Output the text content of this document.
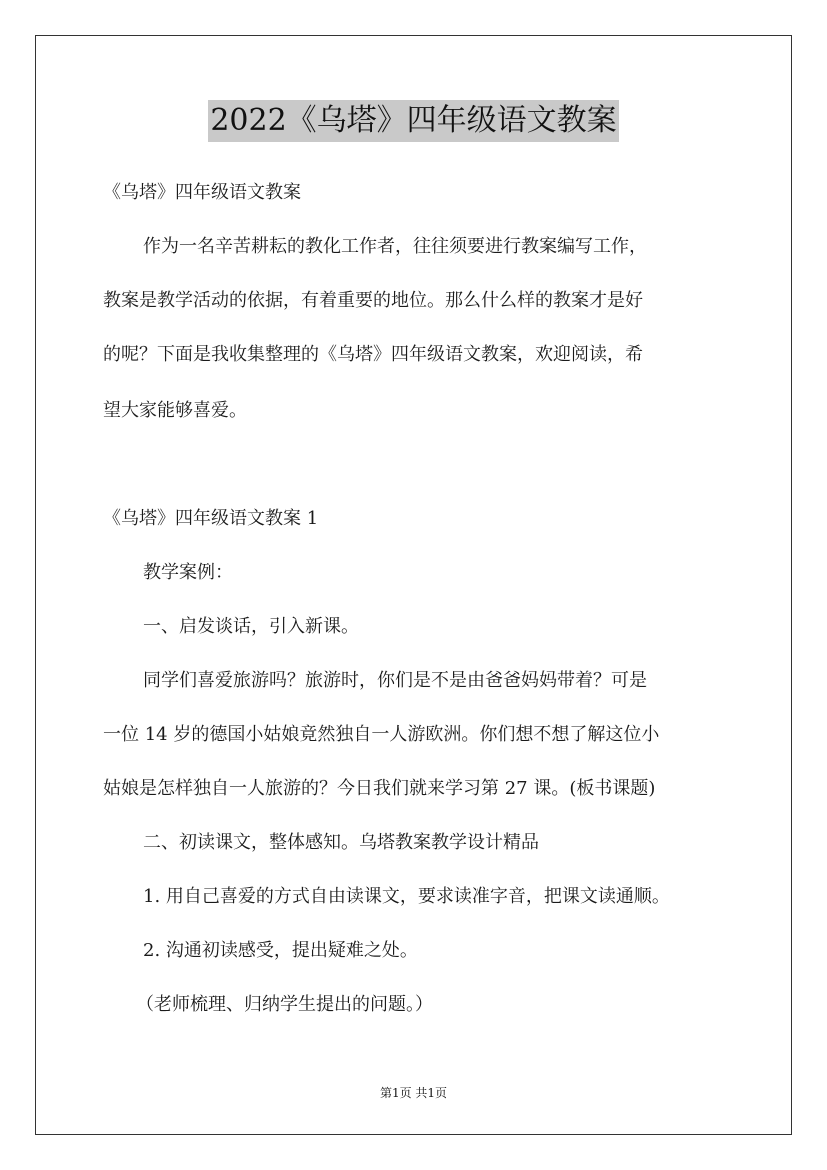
2022《乌塔》四年级语文教案
《乌塔》四年级语文教案
作为一名辛苦耕耘的教化工作者，往往须要进行教案编写工作，
教案是教学活动的依据，有着重要的地位。那么什么样的教案才是好
的呢？下面是我收集整理的《乌塔》四年级语文教案，欢迎阅读，希
望大家能够喜爱。
《乌塔》四年级语文教案 1
教学案例：
一、启发谈话，引入新课。
同学们喜爱旅游吗？旅游时，你们是不是由爸爸妈妈带着？可是
一位 14 岁的德国小姑娘竟然独自一人游欧洲。你们想不想了解这位小
姑娘是怎样独自一人旅游的？今日我们就来学习第 27 课。(板书课题)
二、初读课文，整体感知。乌塔教案教学设计精品
1. 用自己喜爱的方式自由读课文，要求读准字音，把课文读通顺。
2. 沟通初读感受，提出疑难之处。
（老师梳理、归纳学生提出的问题。）
第1页 共1页
